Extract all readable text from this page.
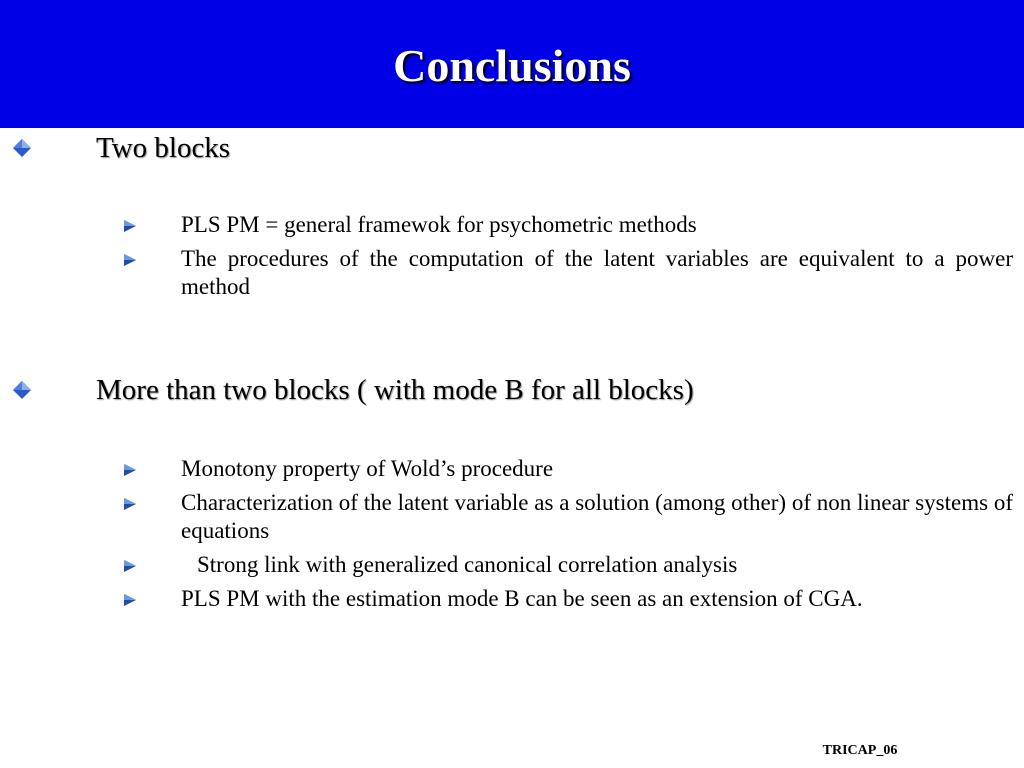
Conclusions
Two blocks
PLS PM = general framewok for psychometric methods
The procedures of the computation of the latent variables are equivalent to a power method
More than two blocks ( with mode B for all blocks)
Monotony property of Wold’s procedure
Characterization of the latent variable as a solution (among other) of non linear systems of equations
Strong link with generalized canonical correlation analysis
PLS PM with the estimation mode B can be seen as an extension of CGA.
TRICAP_06
